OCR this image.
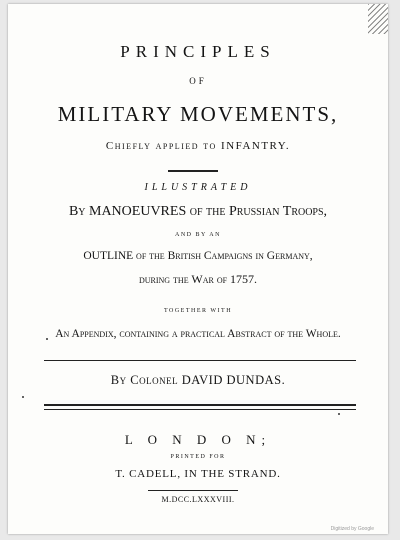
PRINCIPLES
OF
MILITARY MOVEMENTS,
Chiefly applied to INFANTRY.
ILLUSTRATED
By MANOEUVRES of the Prussian Troops,
AND BY AN
OUTLINE of the British Campaigns in Germany,
during the War of 1757.
TOGETHER WITH
An Appendix, containing a practical Abstract of the Whole.
By Colonel DAVID DUNDAS.
L O N D O N;
PRINTED FOR
T. CADELL, IN THE STRAND.
M.DCC.LXXXVIII.
Digitized by Google
